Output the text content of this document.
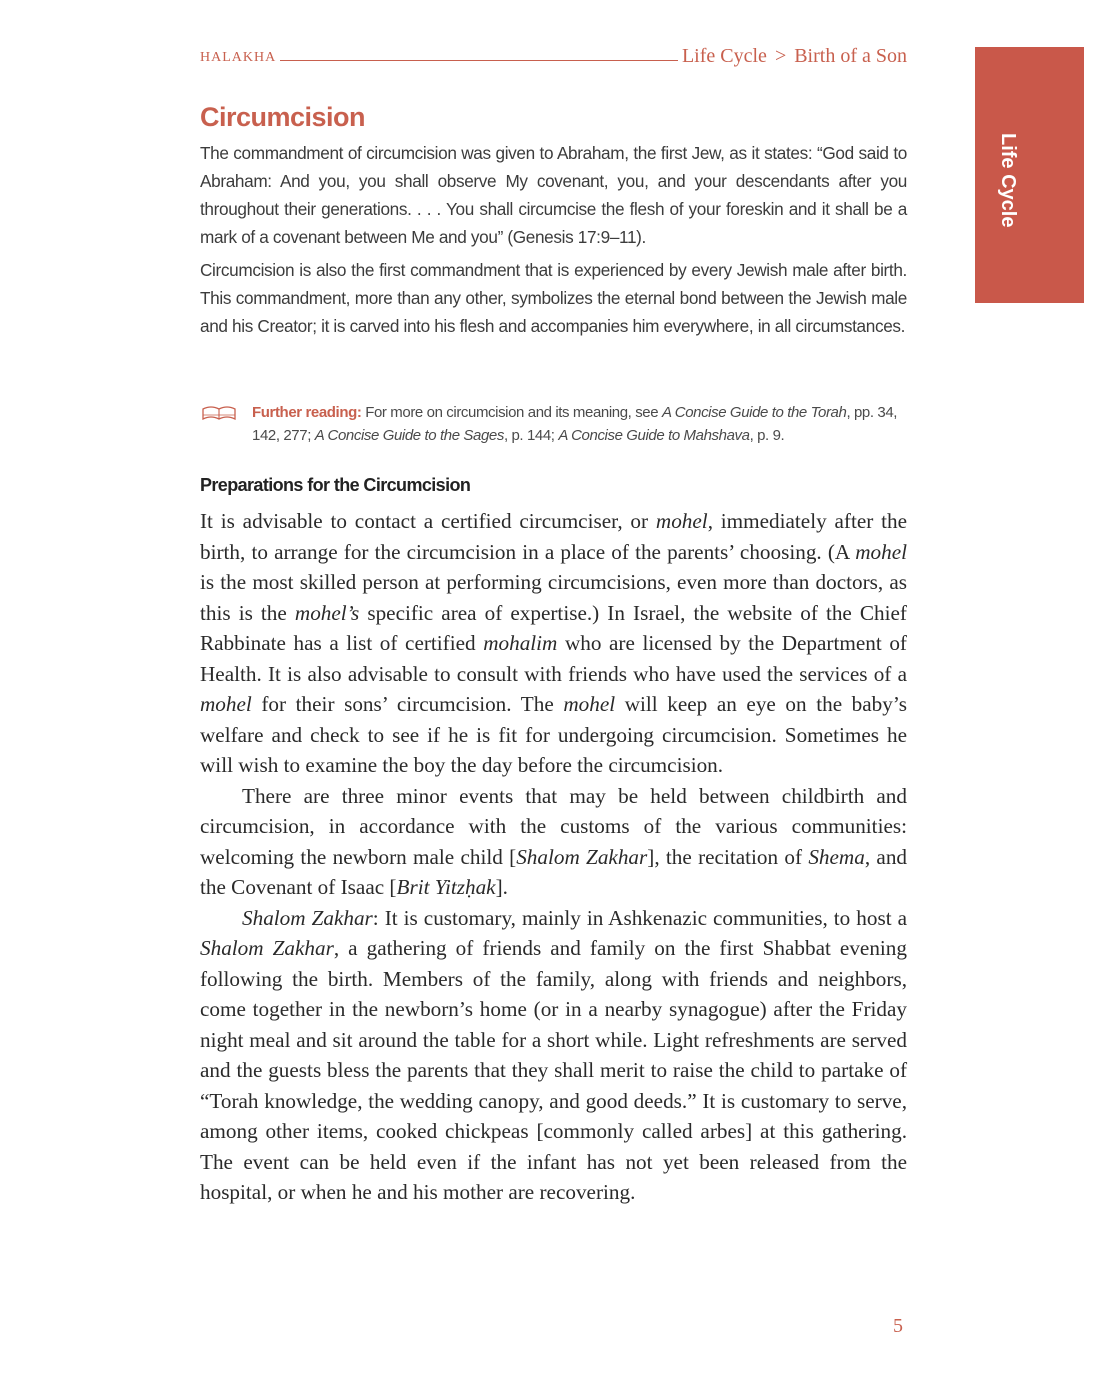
HALAKHA	Life Cycle > Birth of a Son
Life Cycle
Circumcision

The commandment of circumcision was given to Abraham, the first Jew, as it states: “God said to Abraham: And you, you shall observe My covenant, you, and your descendants after you throughout their generations. . . . You shall circumcise the flesh of your foreskin and it shall be a mark of a covenant between Me and you” (Genesis 17:9–11).

Circumcision is also the first commandment that is experienced by every Jewish male after birth. This commandment, more than any other, symbolizes the eternal bond between the Jewish male and his Creator; it is carved into his flesh and accompanies him everywhere, in all circumstances.

Further reading: For more on circumcision and its meaning, see A Concise Guide to the Torah, pp. 34, 142, 277; A Concise Guide to the Sages, p. 144; A Concise Guide to Mahshava, p. 9.

Preparations for the Circumcision

It is advisable to contact a certified circumciser, or mohel, immediately after the birth, to arrange for the circumcision in a place of the parents’ choosing. (A mohel is the most skilled person at performing circumcisions, even more than doctors, as this is the mohel’s specific area of expertise.) In Israel, the website of the Chief Rabbinate has a list of certified mohalim who are licensed by the Department of Health. It is also advisable to consult with friends who have used the services of a mohel for their sons’ circumcision. The mohel will keep an eye on the baby’s welfare and check to see if he is fit for undergoing circumcision. Sometimes he will wish to examine the boy the day before the circumcision.

There are three minor events that may be held between childbirth and circumcision, in accordance with the customs of the various communities: welcoming the newborn male child [Shalom Zakhar], the recitation of Shema, and the Covenant of Isaac [Brit Yitzḥak].

Shalom Zakhar: It is customary, mainly in Ashkenazic communities, to host a Shalom Zakhar, a gathering of friends and family on the first Shabbat evening following the birth. Members of the family, along with friends and neighbors, come together in the newborn’s home (or in a nearby synagogue) after the Friday night meal and sit around the table for a short while. Light refreshments are served and the guests bless the parents that they shall merit to raise the child to partake of “Torah knowledge, the wedding canopy, and good deeds.” It is customary to serve, among other items, cooked chickpeas [commonly called arbes] at this gathering. The event can be held even if the infant has not yet been released from the hospital, or when he and his mother are recovering.

5
